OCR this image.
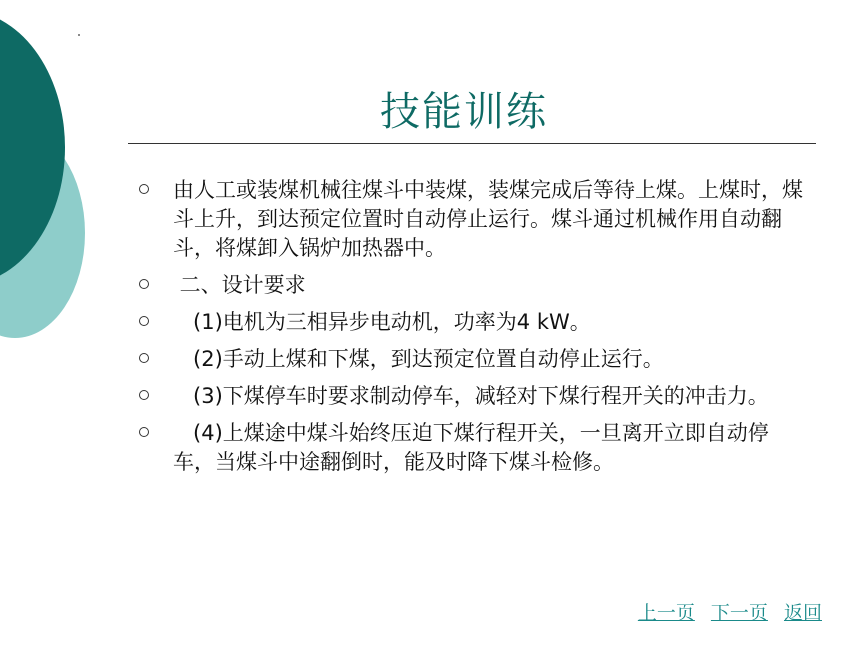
技能训练
由人工或装煤机械往煤斗中装煤，装煤完成后等待上煤。上煤时，煤斗上升，到达预定位置时自动停止运行。煤斗通过机械作用自动翻斗，将煤卸入锅炉加热器中。
二、设计要求
(1)电机为三相异步电动机，功率为4 kW。
(2)手动上煤和下煤，到达预定位置自动停止运行。
(3)下煤停车时要求制动停车，减轻对下煤行程开关的冲击力。
(4)上煤途中煤斗始终压迫下煤行程开关，一旦离开立即自动停车，当煤斗中途翻倒时，能及时降下煤斗检修。
上一页 下一页 返回
